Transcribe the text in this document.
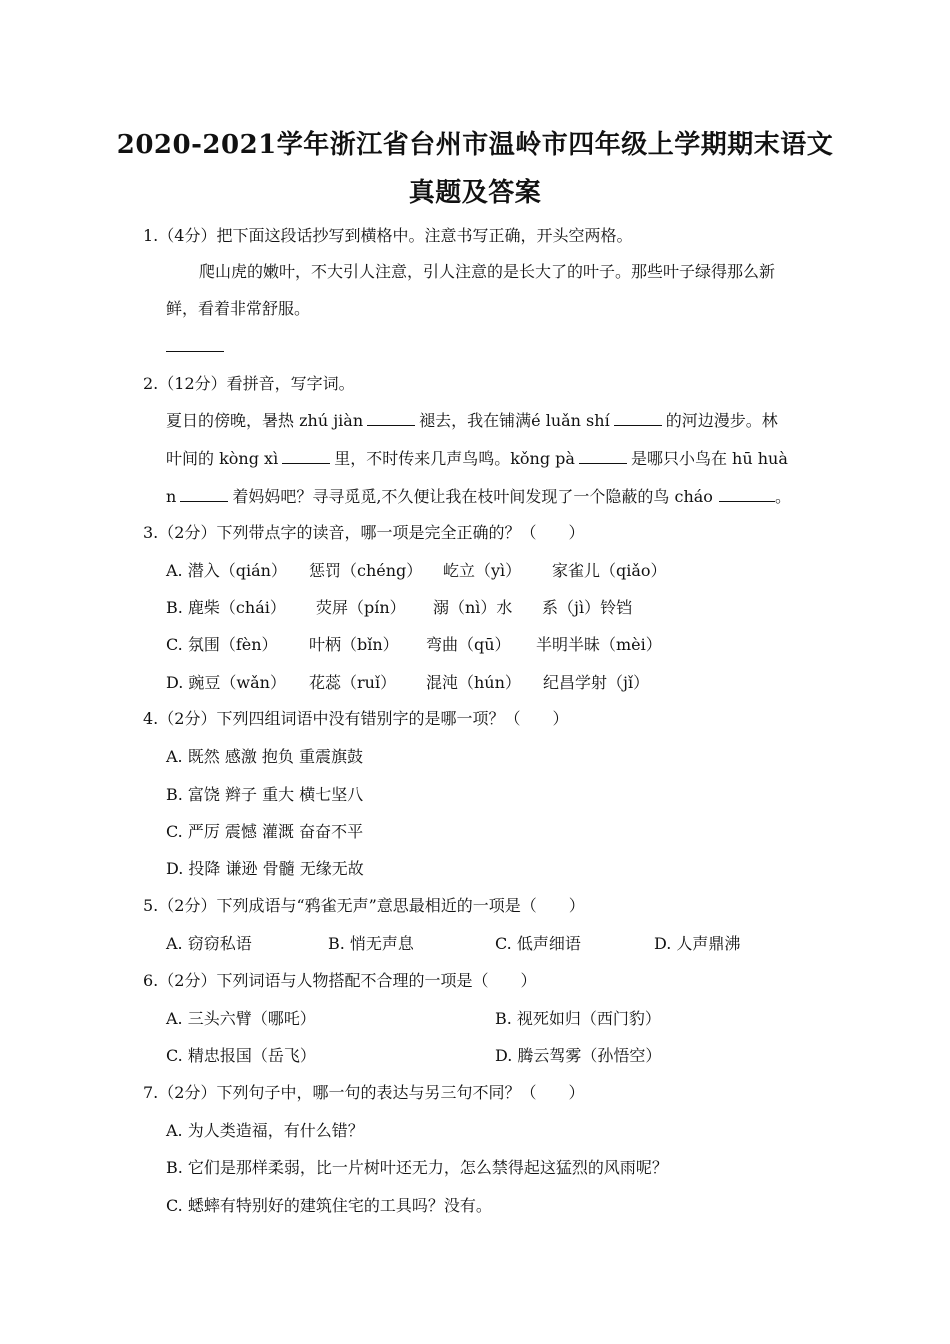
2020-2021学年浙江省台州市温岭市四年级上学期期末语文
真题及答案
1.（4分）把下面这段话抄写到横格中。注意书写正确，开头空两格。
爬山虎的嫩叶，不大引人注意，引人注意的是长大了的叶子。那些叶子绿得那么新
鲜，看着非常舒服。
2.（12分）看拼音，写字词。
夏日的傍晚，暑热 zhú jiàn	褪去，我在铺满é luǎn shí	的河边漫步。林
叶间的 kòng xì	里，不时传来几声鸟鸣。kǒng pà	是哪只小鸟在 hū huà
n	着妈妈吧？寻寻觅觅,不久便让我在枝叶间发现了一个隐蔽的鸟 cháo	。
3.（2分）下列带点字的读音，哪一项是完全正确的？（　　）
A. 潜入（qián） 惩罚（chéng） 屹立（yì） 家雀儿（qiǎo）
B. 鹿柴（chái） 荧屏（pín） 溺（nì）水 系（jì）铃铛
C. 氛围（fèn） 叶柄（bǐn） 弯曲（qū） 半明半昧（mèi）
D. 豌豆（wǎn） 花蕊（ruǐ） 混沌（hún） 纪昌学射（jǐ）
4.（2分）下列四组词语中没有错别字的是哪一项？（　　）
A. 既然 感激 抱负 重震旗鼓
B. 富饶 辫子 重大 横七坚八
C. 严厉 震憾 灌溉 奋奋不平
D. 投降 谦逊 骨髓 无缘无故
5.（2分）下列成语与“鸦雀无声”意思最相近的一项是（　　）
A. 窃窃私语	B. 悄无声息	C. 低声细语	D. 人声鼎沸
6.（2分）下列词语与人物搭配不合理的一项是（　　）
A. 三头六臂（哪吒）	B. 视死如归（西门豹）
C. 精忠报国（岳飞）	D. 腾云驾雾（孙悟空）
7.（2分）下列句子中，哪一句的表达与另三句不同？（　　）
A. 为人类造福，有什么错？
B. 它们是那样柔弱，比一片树叶还无力，怎么禁得起这猛烈的风雨呢？
C. 蟋蟀有特别好的建筑住宅的工具吗？没有。
